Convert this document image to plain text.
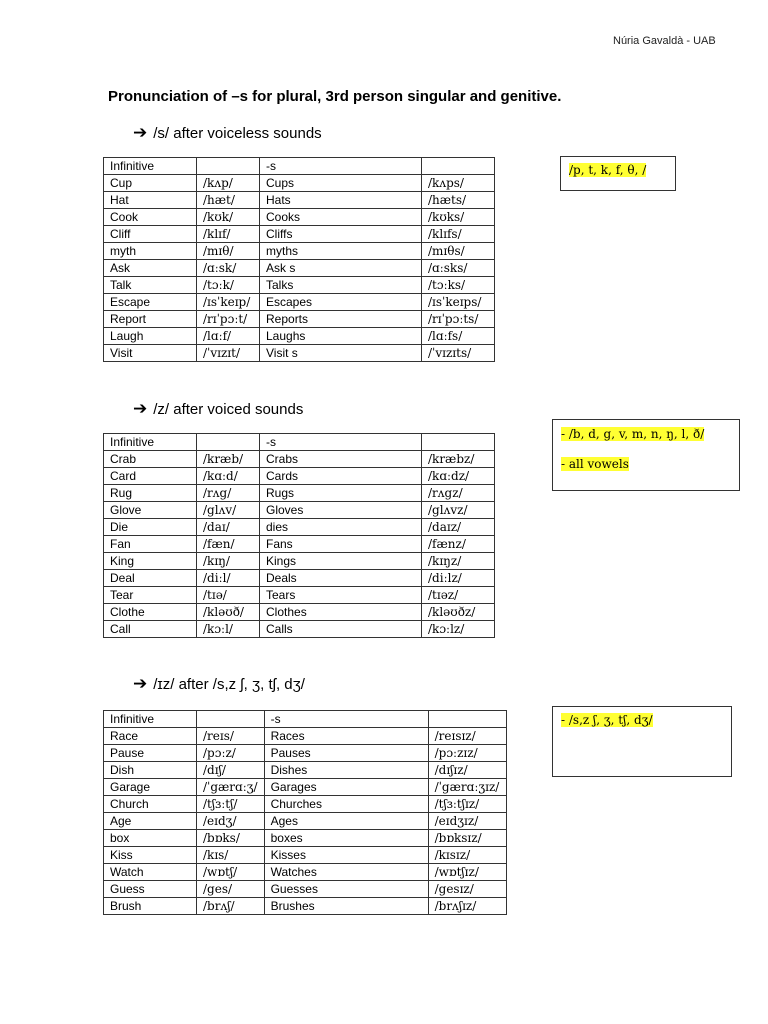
Núria Gavaldà - UAB
Pronunciation of –s for plural, 3rd person singular and genitive.
➔ /s/ after voiceless sounds
Infinitive		-s	
Cup	/kʌp/	Cups	/kʌps/
Hat	/hæt/	Hats	/hæts/
Cook	/kʊk/	Cooks	/kʊks/
Cliff	/klɪf/	Cliffs	/klɪfs/
myth	/mɪθ/	myths	/mɪθs/
Ask	/ɑːsk/	Ask s	/ɑːsks/
Talk	/tɔːk/	Talks	/tɔːks/
Escape	/ɪsˈkeɪp/	Escapes	/ɪsˈkeɪps/
Report	/rɪˈpɔːt/	Reports	/rɪˈpɔːts/
Laugh	/lɑːf/	Laughs	/lɑːfs/
Visit	/ˈvɪzɪt/	Visit s	/ˈvɪzɪts/
/p, t, k, f, θ, /
➔ /z/ after voiced sounds
Infinitive		-s	
Crab	/kræb/	Crabs	/kræbz/
Card	/kɑːd/	Cards	/kɑːdz/
Rug	/rʌg/	Rugs	/rʌgz/
Glove	/glʌv/	Gloves	/glʌvz/
Die	/daɪ/	dies	/daɪz/
Fan	/fæn/	Fans	/fænz/
King	/kɪŋ/	Kings	/kɪŋz/
Deal	/diːl/	Deals	/diːlz/
Tear	/tɪə/	Tears	/tɪəz/
Clothe	/kləʊð/	Clothes	/kləʊðz/
Call	/kɔːl/	Calls	/kɔːlz/
- /b, d, g, v, m, n, ŋ, l, ð/
- all vowels
➔ /ɪz/ after /s,z ʃ, ʒ, tʃ, dʒ/
Infinitive		-s	
Race	/reɪs/	Races	/reɪsɪz/
Pause	/pɔːz/	Pauses	/pɔːzɪz/
Dish	/dɪʃ/	Dishes	/dɪʃɪz/
Garage	/ˈgærɑːʒ/	Garages	/ˈgærɑːʒɪz/
Church	/tʃɜːtʃ/	Churches	/tʃɜːtʃɪz/
Age	/eɪdʒ/	Ages	/eɪdʒɪz/
box	/bɒks/	boxes	/bɒksɪz/
Kiss	/kɪs/	Kisses	/kɪsɪz/
Watch	/wɒtʃ/	Watches	/wɒtʃɪz/
Guess	/ges/	Guesses	/gesɪz/
Brush	/brʌʃ/	Brushes	/brʌʃɪz/
- /s,z ʃ, ʒ, tʃ, dʒ/
